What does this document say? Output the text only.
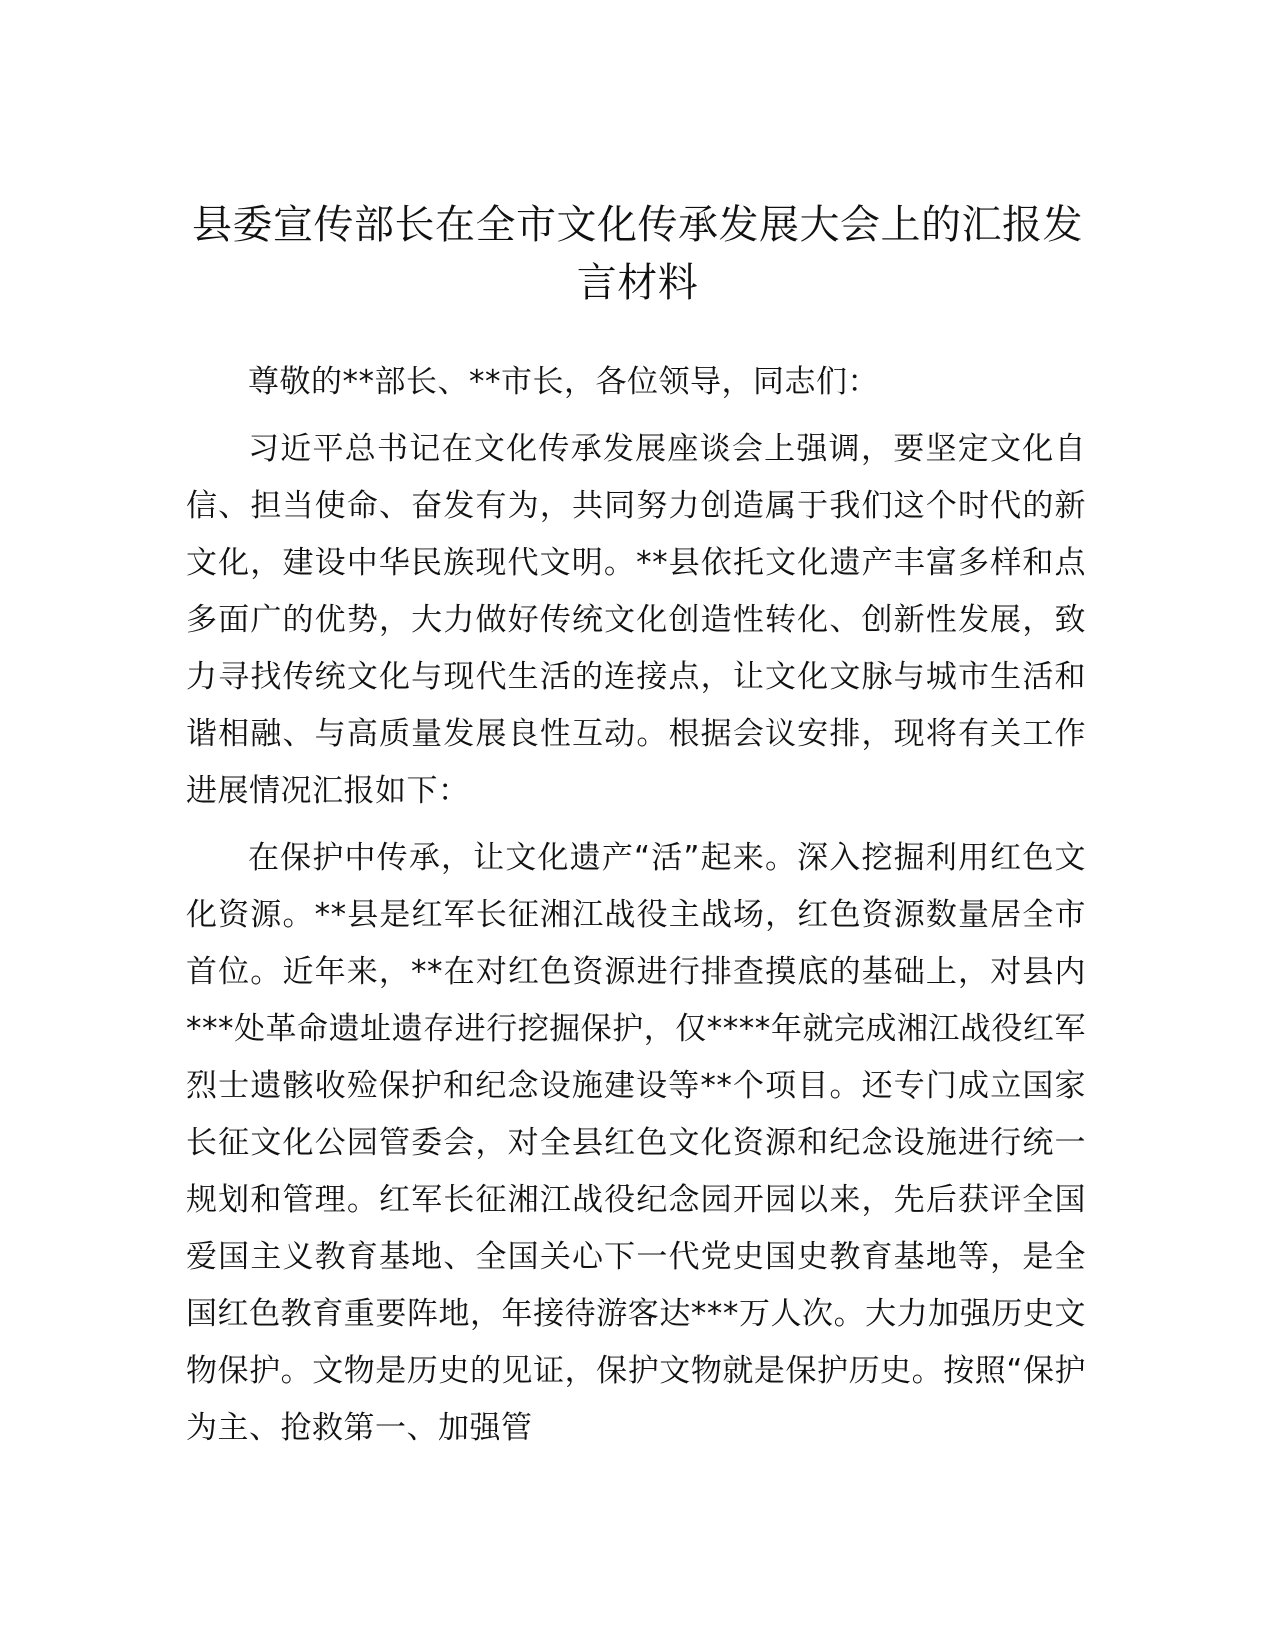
县委宣传部长在全市文化传承发展大会上的汇报发言材料

尊敬的**部长、**市长，各位领导，同志们：

习近平总书记在文化传承发展座谈会上强调，要坚定文化自信、担当使命、奋发有为，共同努力创造属于我们这个时代的新文化，建设中华民族现代文明。**县依托文化遗产丰富多样和点多面广的优势，大力做好传统文化创造性转化、创新性发展，致力寻找传统文化与现代生活的连接点，让文化文脉与城市生活和谐相融、与高质量发展良性互动。根据会议安排，现将有关工作进展情况汇报如下：

在保护中传承，让文化遗产“活”起来。深入挖掘利用红色文化资源。**县是红军长征湘江战役主战场，红色资源数量居全市首位。近年来，**在对红色资源进行排查摸底的基础上，对县内***处革命遗址遗存进行挖掘保护，仅****年就完成湘江战役红军烈士遗骸收殓保护和纪念设施建设等**个项目。还专门成立国家长征文化公园管委会，对全县红色文化资源和纪念设施进行统一规划和管理。红军长征湘江战役纪念园开园以来，先后获评全国爱国主义教育基地、全国关心下一代党史国史教育基地等，是全国红色教育重要阵地，年接待游客达***万人次。大力加强历史文物保护。文物是历史的见证，保护文物就是保护历史。按照“保护为主、抢救第一、加强管
